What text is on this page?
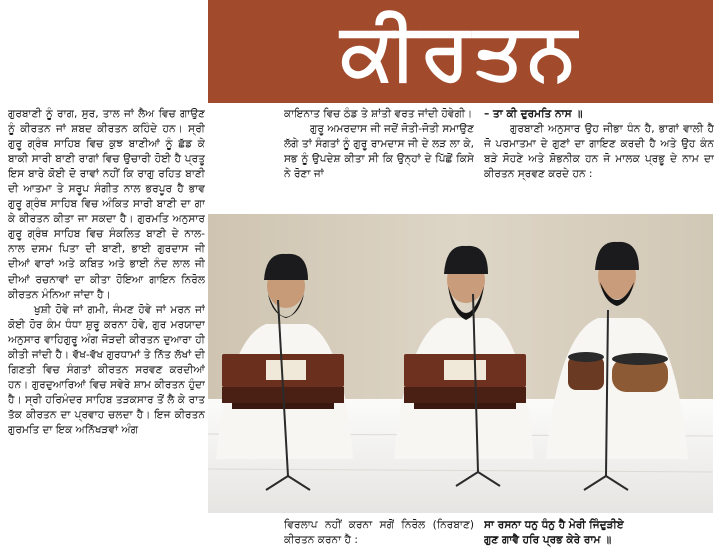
ਕੀਰਤਨ

ਗੁਰਬਾਣੀ ਨੂੰ ਰਾਗ, ਸੁਰ, ਤਾਲ ਜਾਂ ਲੈਅ ਵਿਚ ਗਾਉਣ ਨੂੰ ਕੀਰਤਨ ਜਾਂ ਸ਼ਬਦ ਕੀਰਤਨ ਕਹਿੰਦੇ ਹਨ। ਸ੍ਰੀ ਗੁਰੂ ਗ੍ਰੰਥ ਸਾਹਿਬ ਵਿਚ ਕੁਝ ਬਾਣੀਆਂ ਨੂੰ ਛੱਡ ਕੇ ਬਾਕੀ ਸਾਰੀ ਬਾਣੀ ਰਾਗਾਂ ਵਿਚ ਉਚਾਰੀ ਹੋਈ ਹੈ ਪ੍ਰਤੂ ਇਸ ਬਾਰੇ ਕੋਈ ਦੋ ਰਾਵਾਂ ਨਹੀਂ ਕਿ ਰਾਗੁ ਰਹਿਤ ਬਾਣੀ ਦੀ ਆਤਮਾ ਤੇ ਸਰੂਪ ਸੰਗੀਤ ਨਾਲ ਭਰਪੂਰ ਹੈ ਭਾਵ ਗੁਰੂ ਗ੍ਰੰਥ ਸਾਹਿਬ ਵਿਚ ਅੰਕਿਤ ਸਾਰੀ ਬਾਣੀ ਦਾ ਗਾ ਕੇ ਕੀਰਤਨ ਕੀਤਾ ਜਾ ਸਕਦਾ ਹੈ। ਗੁਰਮਤਿ ਅਨੁਸਾਰ ਗੁਰੂ ਗ੍ਰੰਥ ਸਾਹਿਬ ਵਿਚ ਸੰਕਲਿਤ ਬਾਣੀ ਦੇ ਨਾਲ-ਨਾਲ ਦਸਮ ਪਿਤਾ ਦੀ ਬਾਣੀ, ਭਾਈ ਗੁਰਦਾਸ ਜੀ ਦੀਆਂ ਵਾਰਾਂ ਅਤੇ ਕਬਿਤ ਅਤੇ ਭਾਈ ਨੰਦ ਲਾਲ ਜੀ ਦੀਆਂ ਰਚਨਾਵਾਂ ਦਾ ਕੀਤਾ ਹੋਇਆ ਗਾਇਨ ਨਿਰੋਲ ਕੀਰਤਨ ਮੰਨਿਆ ਜਾਂਦਾ ਹੈ।

ਖੁਸ਼ੀ ਹੋਵੇ ਜਾਂ ਗਮੀ, ਜੰਮਣ ਹੋਵੇ ਜਾਂ ਮਰਨ ਜਾਂ ਕੋਈ ਹੋਰ ਕੰਮ ਧੰਧਾ ਸ਼ੁਰੂ ਕਰਨਾ ਹੋਵੇ, ਗੁਰ ਮਰਯਾਦਾ ਅਨੁਸਾਰ ਵਾਹਿਗੁਰੂ ਅੰਗ ਜੋੜਦੀ ਕੀਰਤਨ ਦੁਆਰਾ ਹੀ ਕੀਤੀ ਜਾਂਦੀ ਹੈ। ਵੱਖ-ਵੱਖ ਗੁਰਧਾਮਾਂ ਤੇ ਨਿੱਤ ਲੱਖਾਂ ਦੀ ਗਿਣਤੀ ਵਿਚ ਸੰਗਤਾਂ ਕੀਰਤਨ ਸਰਵਣ ਕਰਦੀਆਂ ਹਨ। ਗੁਰਦੁਆਰਿਆਂ ਵਿਚ ਸਵੇਰੇ ਸ਼ਾਮ ਕੀਰਤਨ ਹੁੰਦਾ ਹੈ। ਸ੍ਰੀ ਹਰਿਮੰਦਰ ਸਾਹਿਬ ਤੜਕਸਾਰ ਤੋਂ ਲੈ ਕੇ ਰਾਤ ਤੱਕ ਕੀਰਤਨ ਦਾ ਪ੍ਰਵਾਹ ਚਲਦਾ ਹੈ। ਇਜ ਕੀਰਤਨ ਗੁਰਮਤਿ ਦਾ ਇਕ ਅਨਿੱਖੜਵਾਂ ਅੰਗ

ਕਾਇਨਾਤ ਵਿਚ ਠੰਡ ਤੇ ਸ਼ਾਂਤੀ ਵਰਤ ਜਾਂਦੀ ਹੋਵੇਗੀ।

ਗੁਰੂ ਅਮਰਦਾਸ ਜੀ ਜਦੋਂ ਜੋਤੀ-ਜੋਤੀ ਸਮਾਉਣ ਲੱਗੇ ਤਾਂ ਸੰਗਤਾਂ ਨੂੰ ਗੁਰੂ ਰਾਮਦਾਸ ਜੀ ਦੇ ਲੜ ਲਾ ਕੇ, ਸਭ ਨੂੰ ਉਪਦੇਸ਼ ਕੀਤਾ ਸੀ ਕਿ ਉਨ੍ਹਾਂ ਦੇ ਪਿੱਛੋਂ ਕਿਸੇ ਨੇ ਰੋਣਾ ਜਾਂ

– ਤਾ ਕੀ ਦੁਰਮਤਿ ਨਾਸ ॥

ਗੁਰਬਾਣੀ ਅਨੁਸਾਰ ਉਹ ਜੀਭਾ ਧੰਨ ਹੈ, ਭਾਗਾਂ ਵਾਲੀ ਹੈ ਜੋ ਪਰਮਾਤਮਾ ਦੇ ਗੁਣਾਂ ਦਾ ਗਾਇਣ ਕਰਦੀ ਹੈ ਅਤੇ ਉਹ ਕੰਨ ਬੜੇ ਸੋਹਣੇ ਅਤੇ ਸ਼ੋਭਨੀਕ ਹਨ ਜੋ ਮਾਲਕ ਪ੍ਰਭੂ ਦੇ ਨਾਮ ਦਾ ਕੀਰਤਨ ਸ੍ਰਵਣ ਕਰਦੇ ਹਨ :

ਵਿਰਲਾਪ ਨਹੀਂ ਕਰਨਾ ਸਗੋਂ ਨਿਰੋਲ (ਨਿਰਬਾਣ) ਕੀਰਤਨ ਕਰਨਾ ਹੈ :

ਸਾ ਰਸਨਾ ਧਨੁ ਧੰਨੁ ਹੈ ਮੇਰੀ ਜਿੰਦੁੜੀਏ

ਗੁਣ ਗਾਵੈ ਹਰਿ ਪ੍ਰਭ ਕੇਰੇ ਰਾਮ ॥
